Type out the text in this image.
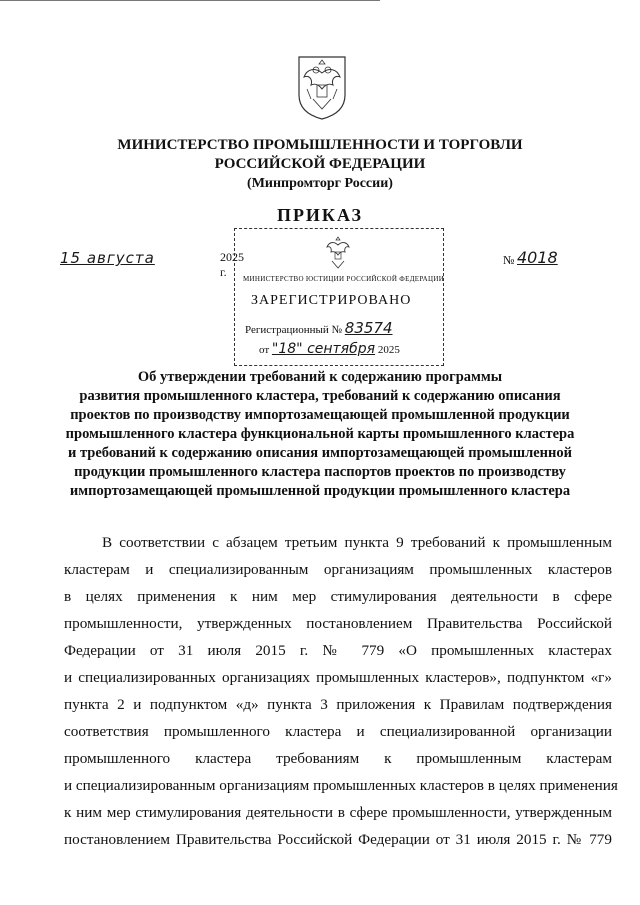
МИНИСТЕРСТВО ПРОМЫШЛЕННОСТИ И ТОРГОВЛИ
РОССИЙСКОЙ ФЕДЕРАЦИИ
(Минпромторг России)
ПРИКАЗ
15 августа	2025 г.
№ 4018
МИНИСТЕРСТВО ЮСТИЦИИ РОССИЙСКОЙ ФЕДЕРАЦИИ
ЗАРЕГИСТРИРОВАНО
Регистрационный № 83574
от "18" сентября 2025
Об утверждении требований к содержанию программы
развития промышленного кластера, требований к содержанию описания
проектов по производству импортозамещающей промышленной продукции
промышленного кластера функциональной карты промышленного кластера
и требований к содержанию описания импортозамещающей промышленной
продукции промышленного кластера паспортов проектов по производству
импортозамещающей промышленной продукции промышленного кластера
В соответствии с абзацем третьим пункта 9 требований к промышленным
кластерам и специализированным организациям промышленных кластеров
в целях применения к ним мер стимулирования деятельности в сфере
промышленности, утвержденных постановлением Правительства Российской
Федерации от 31 июля 2015 г. № 779 «О промышленных кластерах
и специализированных организациях промышленных кластеров», подпунктом «г»
пункта 2 и подпунктом «д» пункта 3 приложения к Правилам подтверждения
соответствия промышленного кластера и специализированной организации
промышленного кластера требованиям к промышленным кластерам
и специализированным организациям промышленных кластеров в целях применения
к ним мер стимулирования деятельности в сфере промышленности, утвержденным
постановлением Правительства Российской Федерации от 31 июля 2015 г. № 779
